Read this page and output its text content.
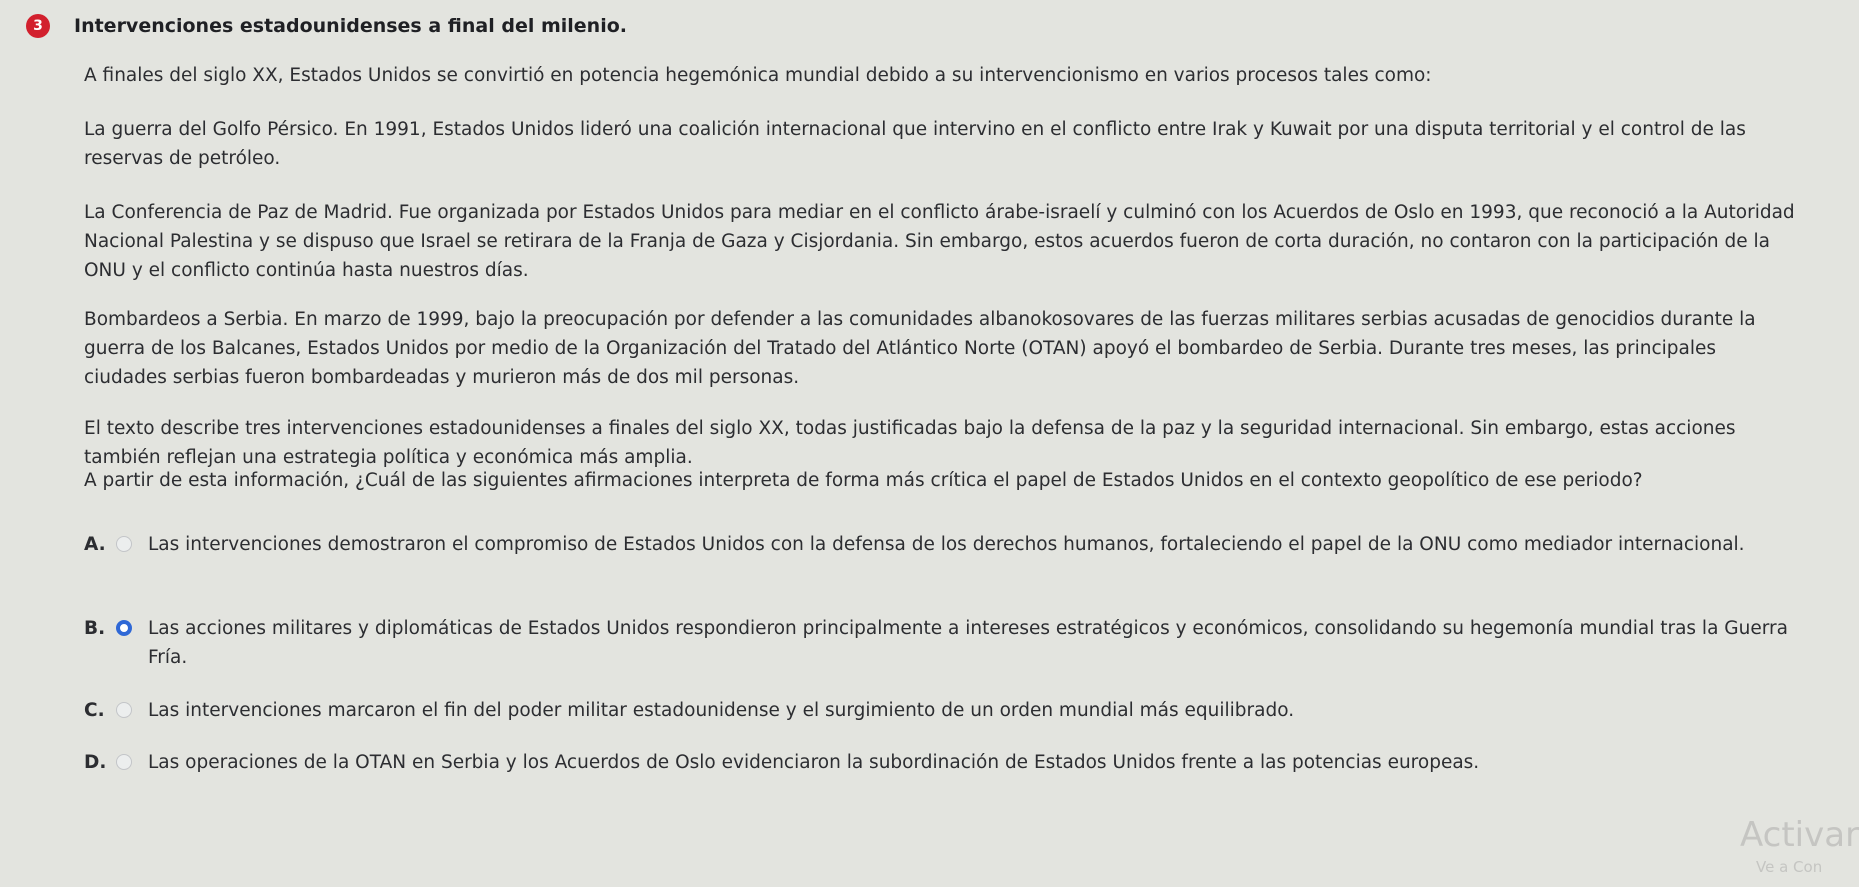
3	Intervenciones estadounidenses a final del milenio.

A finales del siglo XX, Estados Unidos se convirtió en potencia hegemónica mundial debido a su intervencionismo en varios procesos tales como:

La guerra del Golfo Pérsico. En 1991, Estados Unidos lideró una coalición internacional que intervino en el conflicto entre Irak y Kuwait por una disputa territorial y el control de las reservas de petróleo.

La Conferencia de Paz de Madrid. Fue organizada por Estados Unidos para mediar en el conflicto árabe-israelí y culminó con los Acuerdos de Oslo en 1993, que reconoció a la Autoridad Nacional Palestina y se dispuso que Israel se retirara de la Franja de Gaza y Cisjordania. Sin embargo, estos acuerdos fueron de corta duración, no contaron con la participación de la ONU y el conflicto continúa hasta nuestros días.

Bombardeos a Serbia. En marzo de 1999, bajo la preocupación por defender a las comunidades albanokosovares de las fuerzas militares serbias acusadas de genocidios durante la guerra de los Balcanes, Estados Unidos por medio de la Organización del Tratado del Atlántico Norte (OTAN) apoyó el bombardeo de Serbia. Durante tres meses, las principales ciudades serbias fueron bombardeadas y murieron más de dos mil personas.

El texto describe tres intervenciones estadounidenses a finales del siglo XX, todas justificadas bajo la defensa de la paz y la seguridad internacional. Sin embargo, estas acciones también reflejan una estrategia política y económica más amplia.

A partir de esta información, ¿Cuál de las siguientes afirmaciones interpreta de forma más crítica el papel de Estados Unidos en el contexto geopolítico de ese periodo?

A.	Las intervenciones demostraron el compromiso de Estados Unidos con la defensa de los derechos humanos, fortaleciendo el papel de la ONU como mediador internacional.
B.	Las acciones militares y diplomáticas de Estados Unidos respondieron principalmente a intereses estratégicos y económicos, consolidando su hegemonía mundial tras la Guerra Fría.
C.	Las intervenciones marcaron el fin del poder militar estadounidense y el surgimiento de un orden mundial más equilibrado.
D.	Las operaciones de la OTAN en Serbia y los Acuerdos de Oslo evidenciaron la subordinación de Estados Unidos frente a las potencias europeas.
Activar
Ve a Con
